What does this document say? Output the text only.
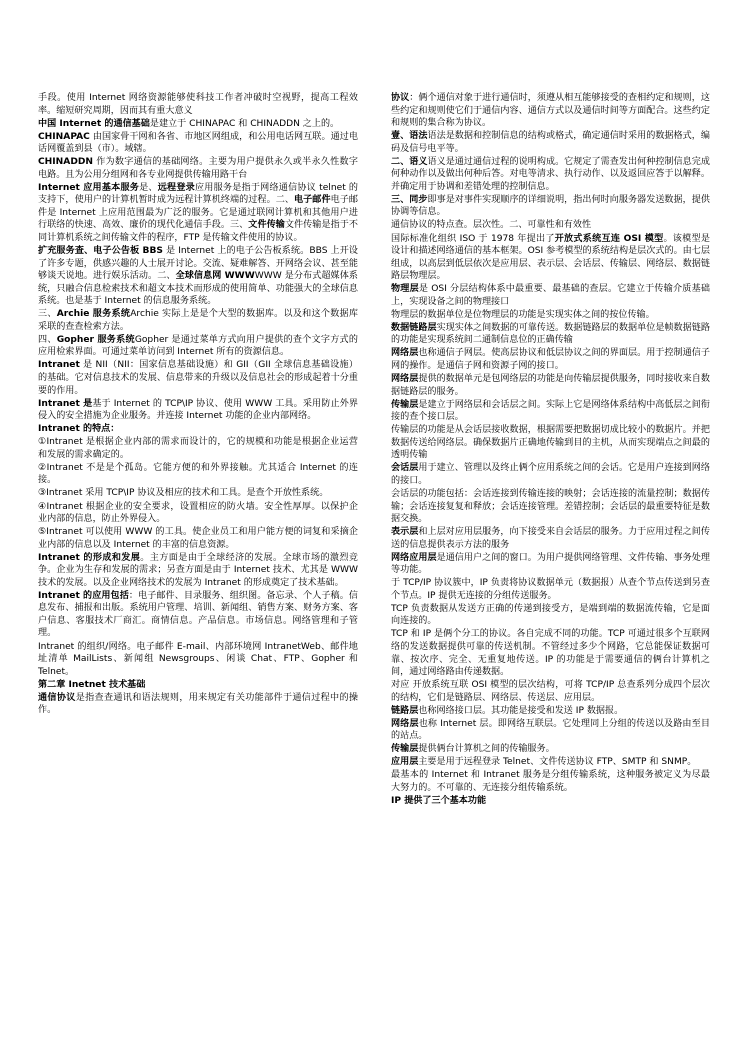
手段。使用 Internet 网络资源能够使科技工作者冲破时空视野，提高工程效率。缩短研究周期，因而其有重大意义

中国 Internet 的通信基础是建立于 CHINAPAC 和 CHINADDN 之上的。

CHINAPAC 由国家骨干网和各省、市地区网组成，和公用电话网互联。通过电话网覆盖到县（市）。域辖。

CHINADDN 作为数字通信的基础网络。主要为用户提供永久或半永久性数字电路。且为公用分组网和各专业网提供传输用路干台

Internet 应用基本服务是、远程登录应用服务是指于网络通信协议 telnet 的支持下，使用户的计算机暂时成为远程计算机终端的过程。二、电子邮件电子邮件是 Internet 上应用范围最为广泛的服务。它是通过联网计算机和其他用户进行联络的快速、高效、廉价的现代化通信手段。三、文件传输文件传输是指于不同计算机系统之间传输文件的程序，FTP 是传输文件使用的协议。

扩充服务查、电子公告板 BBS 是 Internet 上的电子公告板系统。BBS 上开设了许多专题，供感兴趣的人士展开讨论。交流、疑难解答、开网络会议、甚至能够谈天说地。进行娱乐活动。二、全球信息网 WWWWWW 是分布式超媒体系统，只融合信息检索技术和超文本技术而形成的使用简单、功能强大的全球信息系统。也是基于 Internet 的信息服务系统。

三、Archie 服务系统Archie 实际上是是个大型的数据库。以及和这个数据库采联的查查检索方法。

四、Gopher 服务系统Gopher 是通过菜单方式向用户提供的查个文字方式的应用检索界面。可通过菜单访问到 Internet 所有的资源信息。

Intranet 是 NII（NII：国家信息基础设施）和 GII（GII 全球信息基础设施）的基础。它对信息技术的发展、信息带来的升级以及信息社会的形成起着十分重要的作用。

Intranet 是基于 Internet 的 TCP\IP 协议、使用 WWW 工具。采用防止外界侵入的安全措施为企业服务。并连接 Internet 功能的企业内部网络。

Intranet 的特点：

①Intranet 是根据企业内部的需求而设计的，它的规模和功能是根据企业运营和发展的需求确定的。

②Intranet 不是是个孤岛。它能方便的和外界接触。尤其适合 Internet 的连接。

③Intranet 采用 TCP\IP 协议及相应的技术和工具。是查个开放性系统。

④Intranet 根据企业的安全要求，设置相应的防火墙。安全性厚厚。以保护企业内部的信息，防止外界侵入。

⑤Intranet 可以使用 WWW 的工具。使企业员工和用户能方便的词复和采摘企业内部的信息以及 Internet 的丰富的信息资源。

Intranet 的形成和发展。主方面是由于全球经济的发展。全球市场的激烈竞争。企业为生存和发展的需求；另查方面是由于 Internet 技术、尤其是 WWW 技术的发展。以及企业网络技术的发展为 Intranet 的形成奠定了技术基础。

Intranet 的应用包括：电子邮件、目录服务、组织图。备忘录、个人子稿。信息发布、捕报和出版。系统用户管理、培训、新闻组、销售方案、财务方案、客户信息、客服技术厂商汇。商情信息。产品信息。市场信息。网络管理和子管理。

Intranet 的组织/网络。电子邮件 E-mail、内部环境网 IntranetWeb、邮件地址清单 MailLists、新闻组 Newsgroups、闲谈 Chat、FTP、Gopher 和 Telnet。

第二章 Inetnet 技术基础

通信协议是指查查通讯和语法规则，用来规定有关功能部件于通信过程中的操作。

协议：俩个通信对象于进行通信时，须遵从相互能够接受的查相约定和规则，这些约定和规则使它们于通信内容、通信方式以及通信时间等方面配合。这些约定和规则的集合称为协议。

壹、语法语法是数据和控制信息的结构或格式，确定通信时采用的数据格式，编码及信号电平等。

二、语义语义是通过通信过程的说明构成。它规定了需查发出何种控制信息完成何种动作以及做出何种后答。对电等清求、执行动作、以及返回应答于以解释。并确定用于协调和差错处理的控制信息。

三、同步即事是对事件实现顺序的详细说明，指出何时向服务器发送数据，提供协调等信息。

通信协议的特点查。层次性。二、可靠性和有效性

国际标准化组织 ISO 于 1978 年提出了开放式系统互连 OSI 模型。该模型是设计和描述网络通信的基本框架。OSI 参考模型的系统结构是层次式的。由七层组成，以高层到低层依次是应用层、表示层、会话层、传输层、网络层、数据链路层物理层。

物理层是 OSI 分层结构体系中最重要、最基础的查层。它建立于传输介质基础上，实现设备之间的物理接口

物理层的数据单位是位物理层的功能是实现实体之间的按位传输。

数据链路层实现实体之间数据的可靠传送。数据链路层的数据单位是帧数据链路的功能是实现系统间二通制信息位的正确传输

网络层也称通信子网层。使高层协议和低层协议之间的界面层。用于控制通信子网的操作。是通信子网和资源子网的接口。

网络层提供的数据单元是包网络层的功能是向传输层提供服务，同时接收来自数据链路层的服务。

传输层是建立于网络层和会话层之间。实际上它是网络体系结构中高低层之间衔接的查个接口层。

传输层的功能是从会话层接收数据，根据需要把数据切成比较小的数据片。并把数据传送给网络层。确保数据片正确地传输到目的主机，从而实现端点之间最的透明传输

会话层用于建立、管理以及终止俩个应用系统之间的会话。它是用户连接到网络的接口。

会话层的功能包括：会话连接到传输连接的映射；会话连接的流量控制；数据传输；会话连接复复和释放；会话连接管理。差错控制；会话层的最重要特征是数据交换。

表示层和上层对应用层服务，向下接受来自会话层的服务。力于应用过程之间传送的信息提供表示方法的服务

网络应用层是通信用户之间的窗口。为用户提供网络管理、文件传输、事务处理等功能。

于 TCP/IP 协议簇中，IP 负责将协议数据单元（数据报）从查个节点传送到另查个节点。IP 提供无连接的分组传送服务。

TCP 负责数据从发送方正确的传递到接受方，是端到端的数据流传输，它是面向连接的。

TCP 和 IP 是俩个分工的协议。各自完成不同的功能。TCP 可通过很多个互联网络的发送数据提供可靠的传送机制。不管经过多少个网路，它总能保证数据可靠、按次序、完全、无重复地传送。IP 的功能是于需要通信的俩台计算机之间，通过网络路由传递数据。

对应 开放系统互联 OSI 模型的层次结构，可将 TCP/IP 总查系列分成四个层次的结构，它们是链路层、网络层、传送层、应用层。

链路层也称网络接口层。其功能是接受和发送 IP 数据报。

网络层也称 Internet 层。即网络互联层。它处理同上分组的传送以及路由至目的站点。

传输层提供俩台计算机之间的传输服务。

应用层主要是用于远程登录 Telnet、文件传送协议 FTP、SMTP 和 SNMP。

最基本的 Internet 和 Intranet 服务是分组传输系统，这种服务被定义为尽最大努力的。不可靠的、无连接分组传输系统。

IP 提供了三个基本功能
